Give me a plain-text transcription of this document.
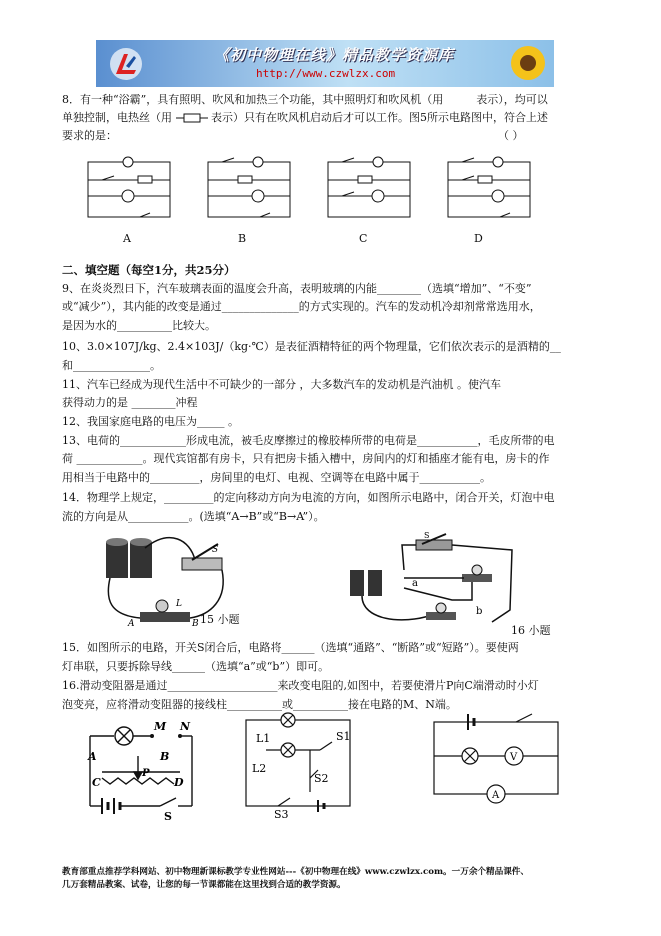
《初中物理在线》精品教学资源库
http://www.czwlzx.com
8．有一种“浴霸”，具有照明、吹风和加热三个功能，其中照明灯和吹风机（用	表示），均可以
单独控制，电热丝（用	表示）只有在吹风机启动后才可以工作。图5所示电路图中，符合上述
要求的是：	（ ）
A	B	C	D
二、填空题（每空1分，共25分）
9、在炎炎烈日下，汽车玻璃表面的温度会升高，表明玻璃的内能________（选填“增加”、“不变”
或“减少”），其内能的改变是通过______________的方式实现的。汽车的发动机冷却剂常常选用水，
是因为水的__________比较大。
10、3.0×107J/kg、2.4×103J/（kg·℃）是表征酒精特征的两个物理量，它们依次表示的是酒精的__
和______________。
11、汽车已经成为现代生活中不可缺少的一部分 ，大多数汽车的发动机是汽油机 。使汽车
获得动力的是 ________冲程
12、我国家庭电路的电压为_____ 。
13、电荷的____________形成电流，被毛皮摩擦过的橡胶棒所带的电荷是___________，毛皮所带的电
荷 ____________。现代宾馆都有房卡，只有把房卡插入槽中，房间内的灯和插座才能有电，房卡的作
用相当于电路中的_________，房间里的电灯、电视、空调等在电路中属于___________。
14．物理学上规定，_________的定向移动方向为电流的方向，如图所示电路中，闭合开关，灯泡中电
流的方向是从___________。(选填“A→B”或“B→A”）。
S
L
A	B 15 小题
S
a
b
16 小题
15．如图所示的电路，开关S闭合后，电路将______（选填“通路”、“断路”或“短路”）。要使两
灯串联，只要拆除导线______（选填“a”或“b”）即可。
16.滑动变阻器是通过____________________来改变电阻的,如图中，若要使滑片P向C端滑动时小灯
泡变亮，应将滑动变阻器的接线柱__________或__________接在电路的M、N端。
M N
A	B
P
C	D
S
L1	S1
L2
S2
S3
V
A
教育部重点推荐学科网站、初中物理新课标教学专业性网站---《初中物理在线》www.czwlzx.com。一万余个精品课件、
几万套精品教案、试卷，让您的每一节课都能在这里找到合适的教学资源。
